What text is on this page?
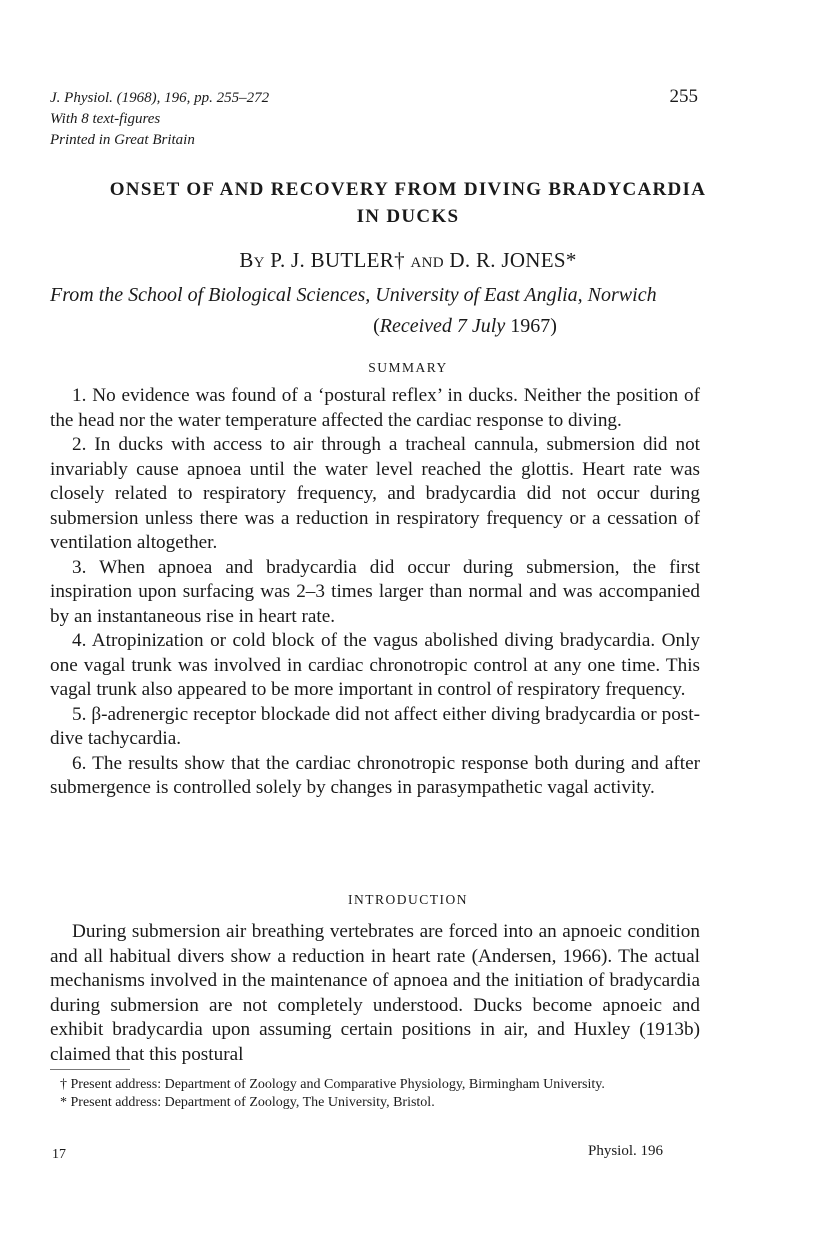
J. Physiol. (1968), 196, pp. 255–272
With 8 text-figures
Printed in Great Britain
255
ONSET OF AND RECOVERY FROM DIVING BRADYCARDIA
IN DUCKS
By P. J. BUTLER† and D. R. JONES*
From the School of Biological Sciences, University of East Anglia, Norwich
(Received 7 July 1967)
SUMMARY

1. No evidence was found of a ‘postural reflex’ in ducks. Neither the position of the head nor the water temperature affected the cardiac response to diving.

2. In ducks with access to air through a tracheal cannula, submersion did not invariably cause apnoea until the water level reached the glottis. Heart rate was closely related to respiratory frequency, and bradycardia did not occur during submersion unless there was a reduction in respiratory frequency or a cessation of ventilation altogether.

3. When apnoea and bradycardia did occur during submersion, the first inspiration upon surfacing was 2–3 times larger than normal and was accompanied by an instantaneous rise in heart rate.

4. Atropinization or cold block of the vagus abolished diving bradycardia. Only one vagal trunk was involved in cardiac chronotropic control at any one time. This vagal trunk also appeared to be more important in control of respiratory frequency.

5. β-adrenergic receptor blockade did not affect either diving bradycardia or post-dive tachycardia.

6. The results show that the cardiac chronotropic response both during and after submergence is controlled solely by changes in parasympathetic vagal activity.

INTRODUCTION

During submersion air breathing vertebrates are forced into an apnoeic condition and all habitual divers show a reduction in heart rate (Andersen, 1966). The actual mechanisms involved in the maintenance of apnoea and the initiation of bradycardia during submersion are not completely understood. Ducks become apnoeic and exhibit bradycardia upon assuming certain positions in air, and Huxley (1913b) claimed that this postural

† Present address: Department of Zoology and Comparative Physiology, Birmingham University.

* Present address: Department of Zoology, The University, Bristol.

17	Physiol. 196
